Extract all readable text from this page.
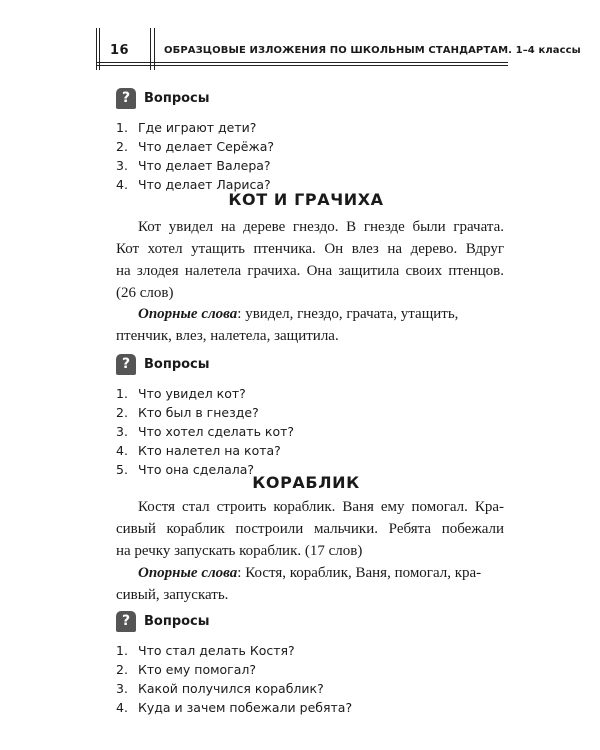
16	ОБРАЗЦОВЫЕ ИЗЛОЖЕНИЯ ПО ШКОЛЬНЫМ СТАНДАРТАМ. 1–4 классы
?	Вопросы
1. Где играют дети?
2. Что делает Серёжа?
3. Что делает Валера?
4. Что делает Лариса?
КОТ И ГРАЧИХА

Кот увидел на дереве гнездо. В гнезде были грачата.
Кот хотел утащить птенчика. Он влез на дерево. Вдруг
на злодея налетела грачиха. Она защитила своих птенцов.
(26 слов)

Опорные слова: увидел, гнездо, грачата, утащить,
птенчик, влез, налетела, защитила.

?	Вопросы
1. Что увидел кот?
2. Кто был в гнезде?
3. Что хотел сделать кот?
4. Кто налетел на кота?
5. Что она сделала?
КОРАБЛИК

Костя стал строить кораблик. Ваня ему помогал. Кра-
сивый кораблик построили мальчики. Ребята побежали
на речку запускать кораблик. (17 слов)

Опорные слова: Костя, кораблик, Ваня, помогал, кра-
сивый, запускать.

?	Вопросы
1. Что стал делать Костя?
2. Кто ему помогал?
3. Какой получился кораблик?
4. Куда и зачем побежали ребята?
